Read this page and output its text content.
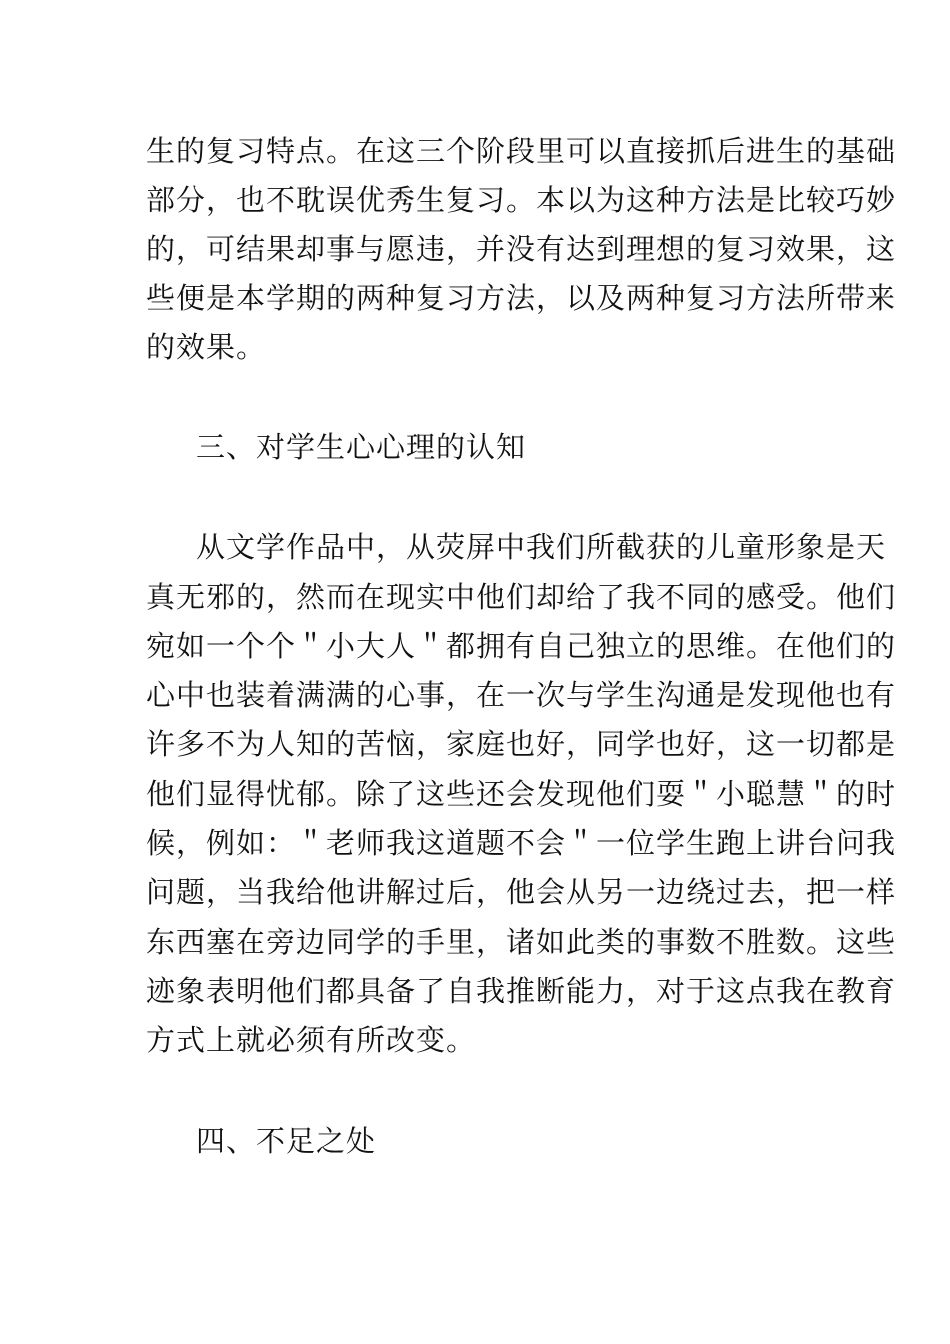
生的复习特点。在这三个阶段里可以直接抓后进生的基础
部分，也不耽误优秀生复习。本以为这种方法是比较巧妙
的，可结果却事与愿违，并没有达到理想的复习效果，这
些便是本学期的两种复习方法，以及两种复习方法所带来
的效果。
三、对学生心心理的认知
从文学作品中，从荧屏中我们所截获的儿童形象是天
真无邪的，然而在现实中他们却给了我不同的感受。他们
宛如一个个＂小大人＂都拥有自己独立的思维。在他们的
心中也装着满满的心事，在一次与学生沟通是发现他也有
许多不为人知的苦恼，家庭也好，同学也好，这一切都是
他们显得忧郁。除了这些还会发现他们耍＂小聪慧＂的时
候，例如：＂老师我这道题不会＂一位学生跑上讲台问我
问题，当我给他讲解过后，他会从另一边绕过去，把一样
东西塞在旁边同学的手里，诸如此类的事数不胜数。这些
迹象表明他们都具备了自我推断能力，对于这点我在教育
方式上就必须有所改变。
四、不足之处
